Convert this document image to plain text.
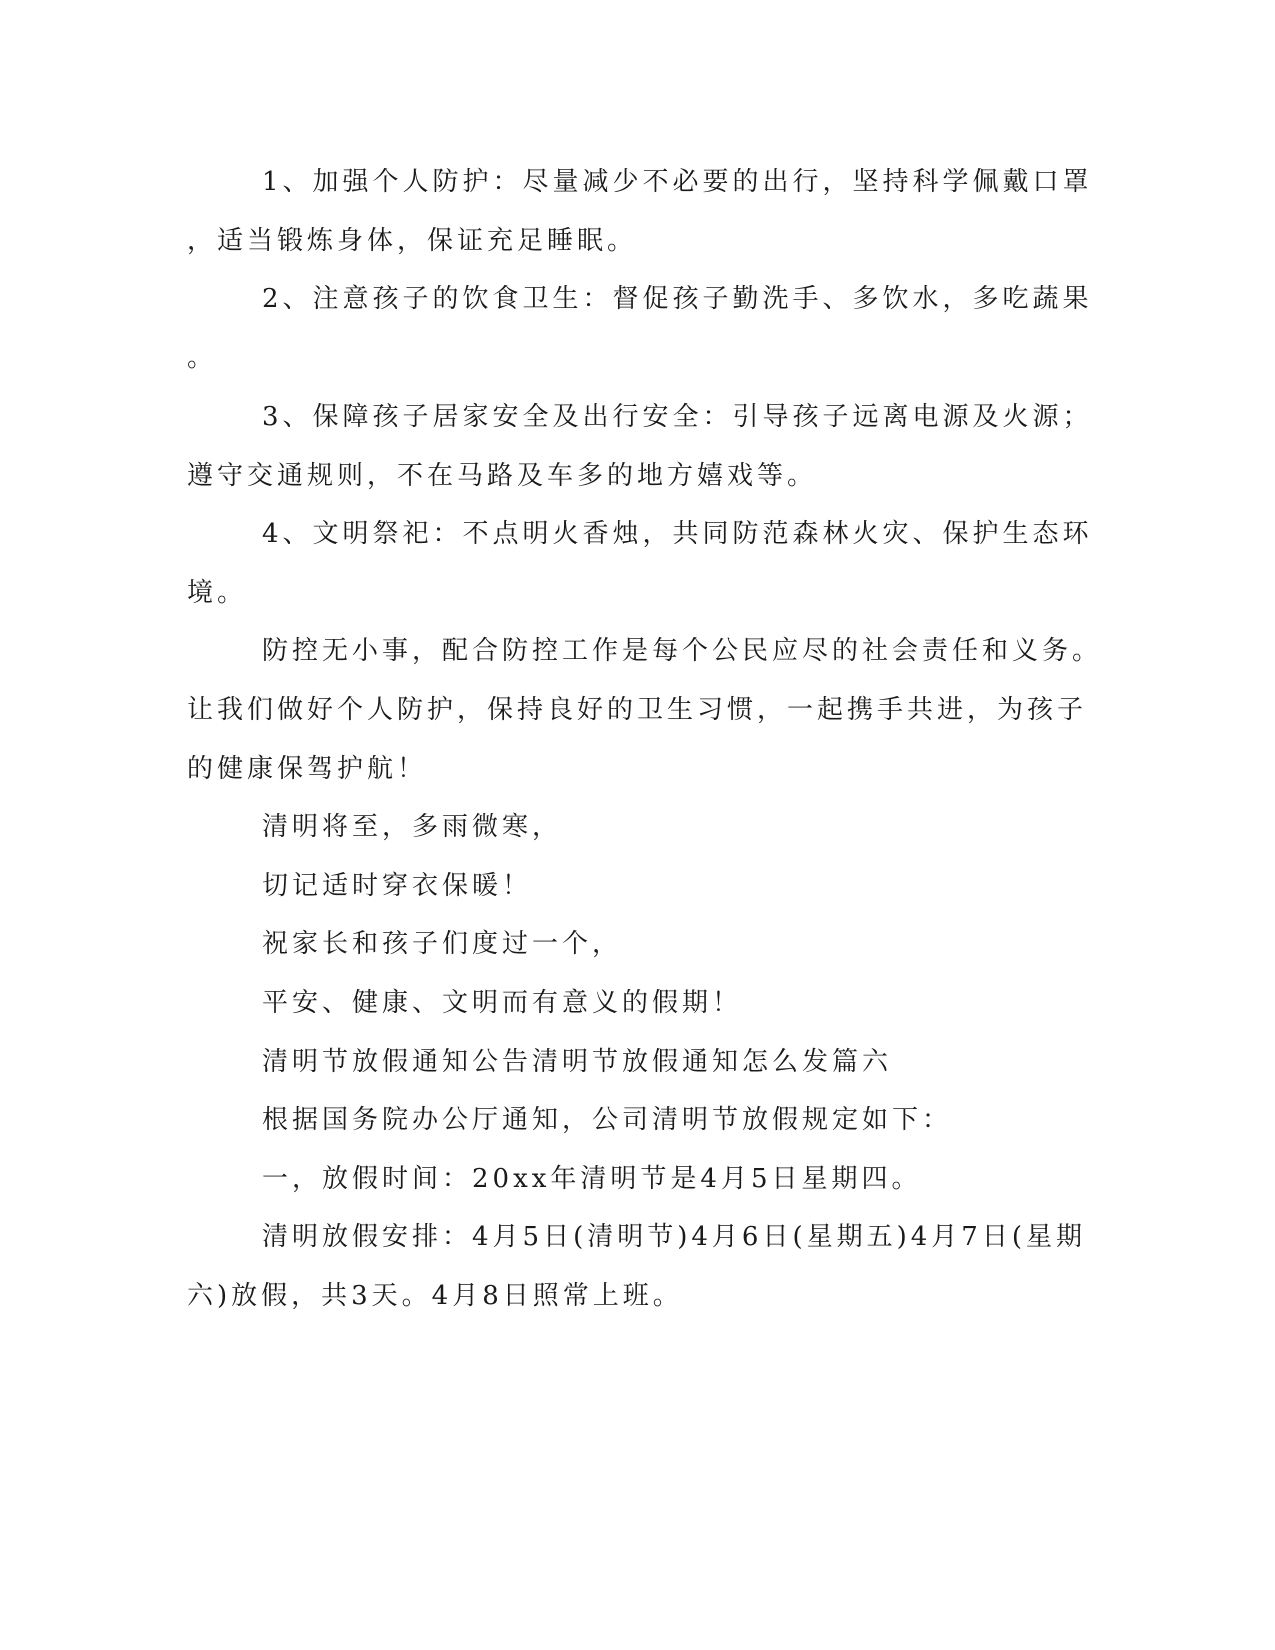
1、加强个人防护：尽量减少不必要的出行，坚持科学佩戴口罩
，适当锻炼身体，保证充足睡眠。
2、注意孩子的饮食卫生：督促孩子勤洗手、多饮水，多吃蔬果
。
3、保障孩子居家安全及出行安全：引导孩子远离电源及火源；
遵守交通规则，不在马路及车多的地方嬉戏等。
4、文明祭祀：不点明火香烛，共同防范森林火灾、保护生态环
境。
防控无小事，配合防控工作是每个公民应尽的社会责任和义务。
让我们做好个人防护，保持良好的卫生习惯，一起携手共进，为孩子
的健康保驾护航！
清明将至，多雨微寒，
切记适时穿衣保暖！
祝家长和孩子们度过一个，
平安、健康、文明而有意义的假期！
清明节放假通知公告清明节放假通知怎么发篇六
根据国务院办公厅通知，公司清明节放假规定如下：
一，放假时间：20xx年清明节是4月5日星期四。
清明放假安排：4月5日(清明节)4月6日(星期五)4月7日(星期
六)放假，共3天。4月8日照常上班。
